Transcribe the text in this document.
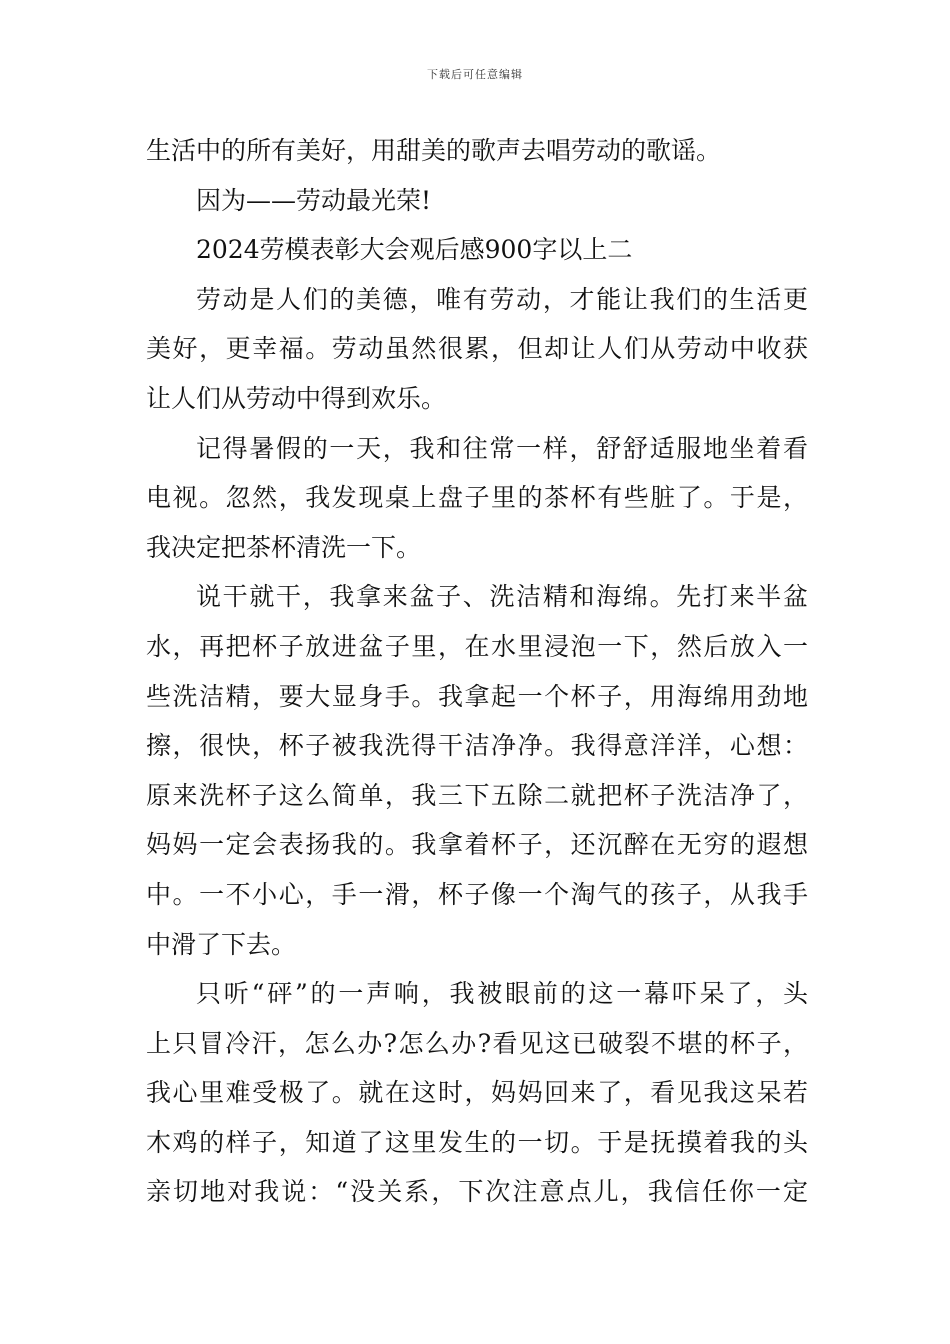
下载后可任意编辑
生活中的所有美好，用甜美的歌声去唱劳动的歌谣。
因为——劳动最光荣!
2024劳模表彰大会观后感900字以上二
劳动是人们的美德，唯有劳动，才能让我们的生活更
美好，更幸福。劳动虽然很累，但却让人们从劳动中收获
让人们从劳动中得到欢乐。
记得暑假的一天，我和往常一样，舒舒适服地坐着看
电视。忽然，我发现桌上盘子里的茶杯有些脏了。于是，
我决定把茶杯清洗一下。
说干就干，我拿来盆子、洗洁精和海绵。先打来半盆
水，再把杯子放进盆子里，在水里浸泡一下，然后放入一
些洗洁精，要大显身手。我拿起一个杯子，用海绵用劲地
擦，很快，杯子被我洗得干洁净净。我得意洋洋，心想：
原来洗杯子这么简单，我三下五除二就把杯子洗洁净了，
妈妈一定会表扬我的。我拿着杯子，还沉醉在无穷的遐想
中。一不小心，手一滑，杯子像一个淘气的孩子，从我手
中滑了下去。
只听“砰”的一声响，我被眼前的这一幕吓呆了，头
上只冒冷汗，怎么办?怎么办?看见这已破裂不堪的杯子，
我心里难受极了。就在这时，妈妈回来了，看见我这呆若
木鸡的样子，知道了这里发生的一切。于是抚摸着我的头
亲切地对我说：“没关系，下次注意点儿，我信任你一定
